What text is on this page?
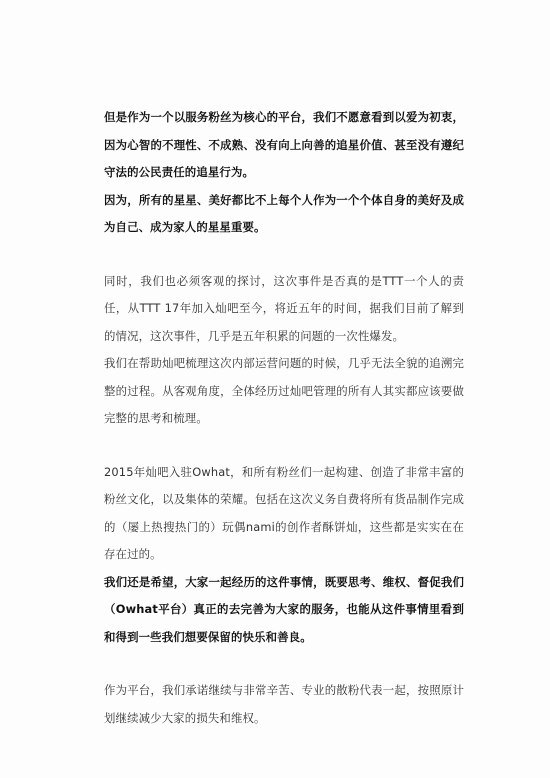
但是作为一个以服务粉丝为核心的平台，我们不愿意看到以爱为初衷，因为心智的不理性、不成熟、没有向上向善的追星价值、甚至没有遵纪守法的公民责任的追星行为。

因为，所有的星星、美好都比不上每个人作为一个个体自身的美好及成为自己、成为家人的星星重要。

同时，我们也必须客观的探讨，这次事件是否真的是TTT一个人的责任，从TTT 17年加入灿吧至今，将近五年的时间，据我们目前了解到的情况，这次事件，几乎是五年积累的问题的一次性爆发。

我们在帮助灿吧梳理这次内部运营问题的时候，几乎无法全貌的追溯完整的过程。从客观角度，全体经历过灿吧管理的所有人其实都应该要做完整的思考和梳理。

2015年灿吧入驻Owhat，和所有粉丝们一起构建、创造了非常丰富的粉丝文化，以及集体的荣耀。包括在这次义务自费将所有货品制作完成的（屡上热搜热门的）玩偶nami的创作者酥饼灿，这些都是实实在在存在过的。

我们还是希望，大家一起经历的这件事情，既要思考、维权、督促我们（Owhat平台）真正的去完善为大家的服务，也能从这件事情里看到和得到一些我们想要保留的快乐和善良。

作为平台，我们承诺继续与非常辛苦、专业的散粉代表一起，按照原计划继续减少大家的损失和维权。
